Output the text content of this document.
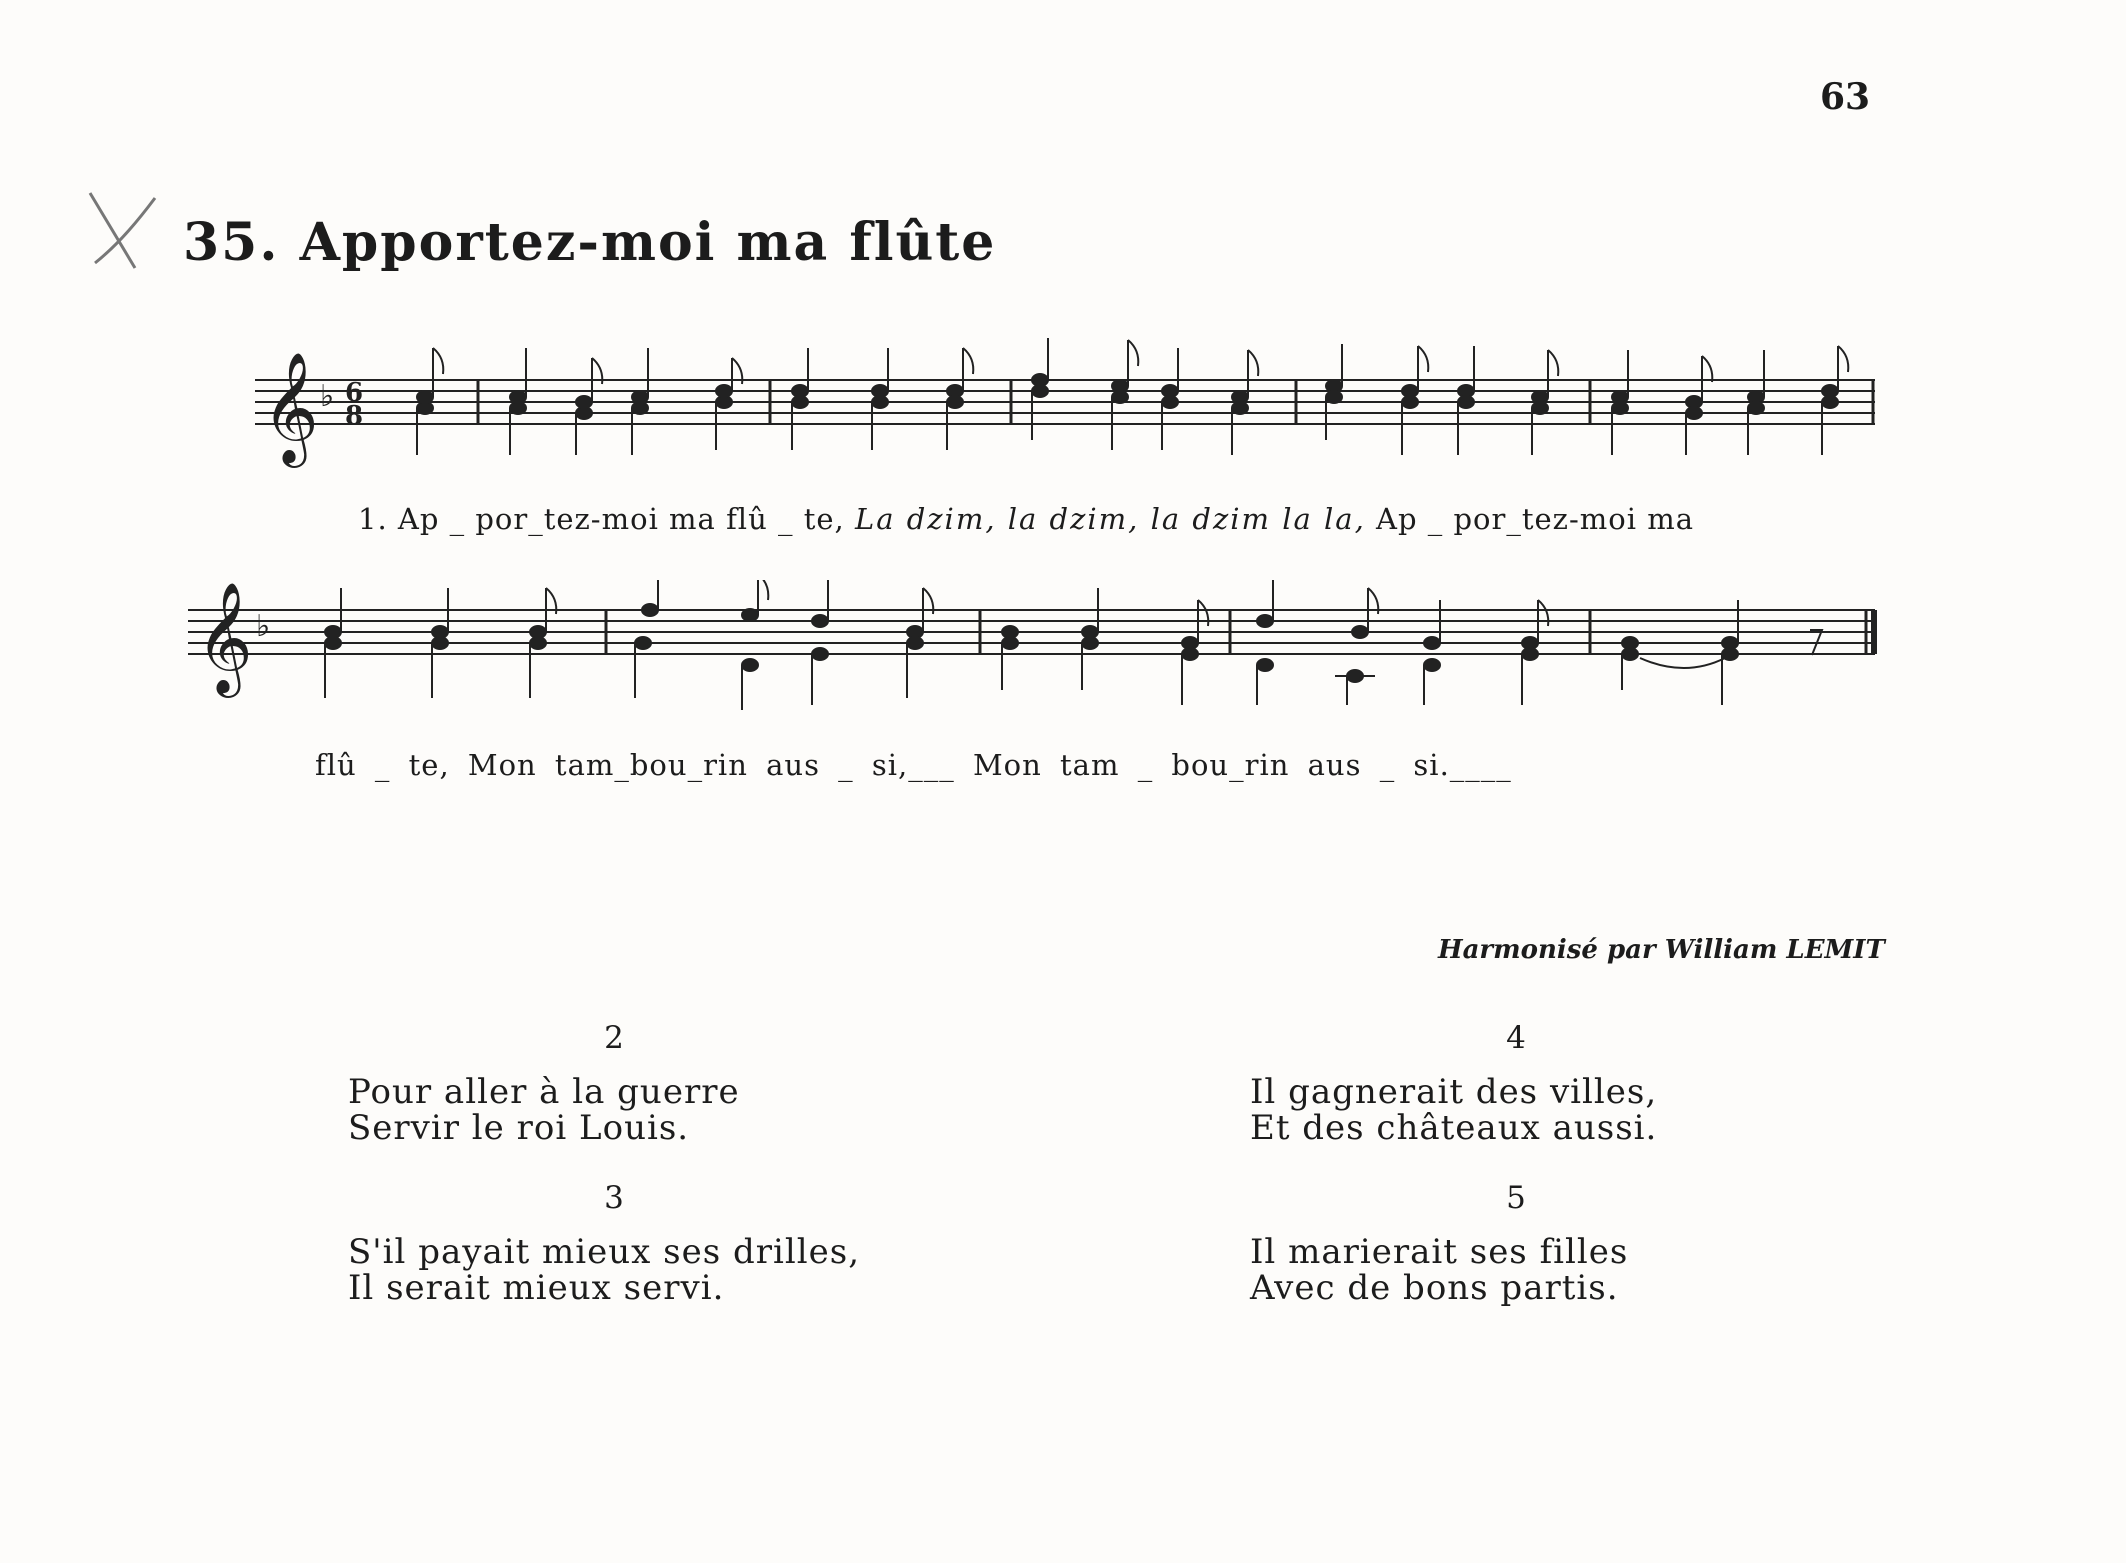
63
35. Apportez-moi ma flûte
𝄞 ♭ 6
8
1. Ap _ por_tez-moi ma flû _ te, La dzim, la dzim, la dzim la la, Ap _ por_tez-moi ma
𝄞 ♭
flû _ te, Mon tam_bou_rin aus _ si,___ Mon tam _ bou_rin aus _ si.____
Harmonisé par William LEMIT
2
Pour aller à la guerre
Servir le roi Louis.
3
S'il payait mieux ses drilles,
Il serait mieux servi.
4
Il gagnerait des villes,
Et des châteaux aussi.
5
Il marierait ses filles
Avec de bons partis.
